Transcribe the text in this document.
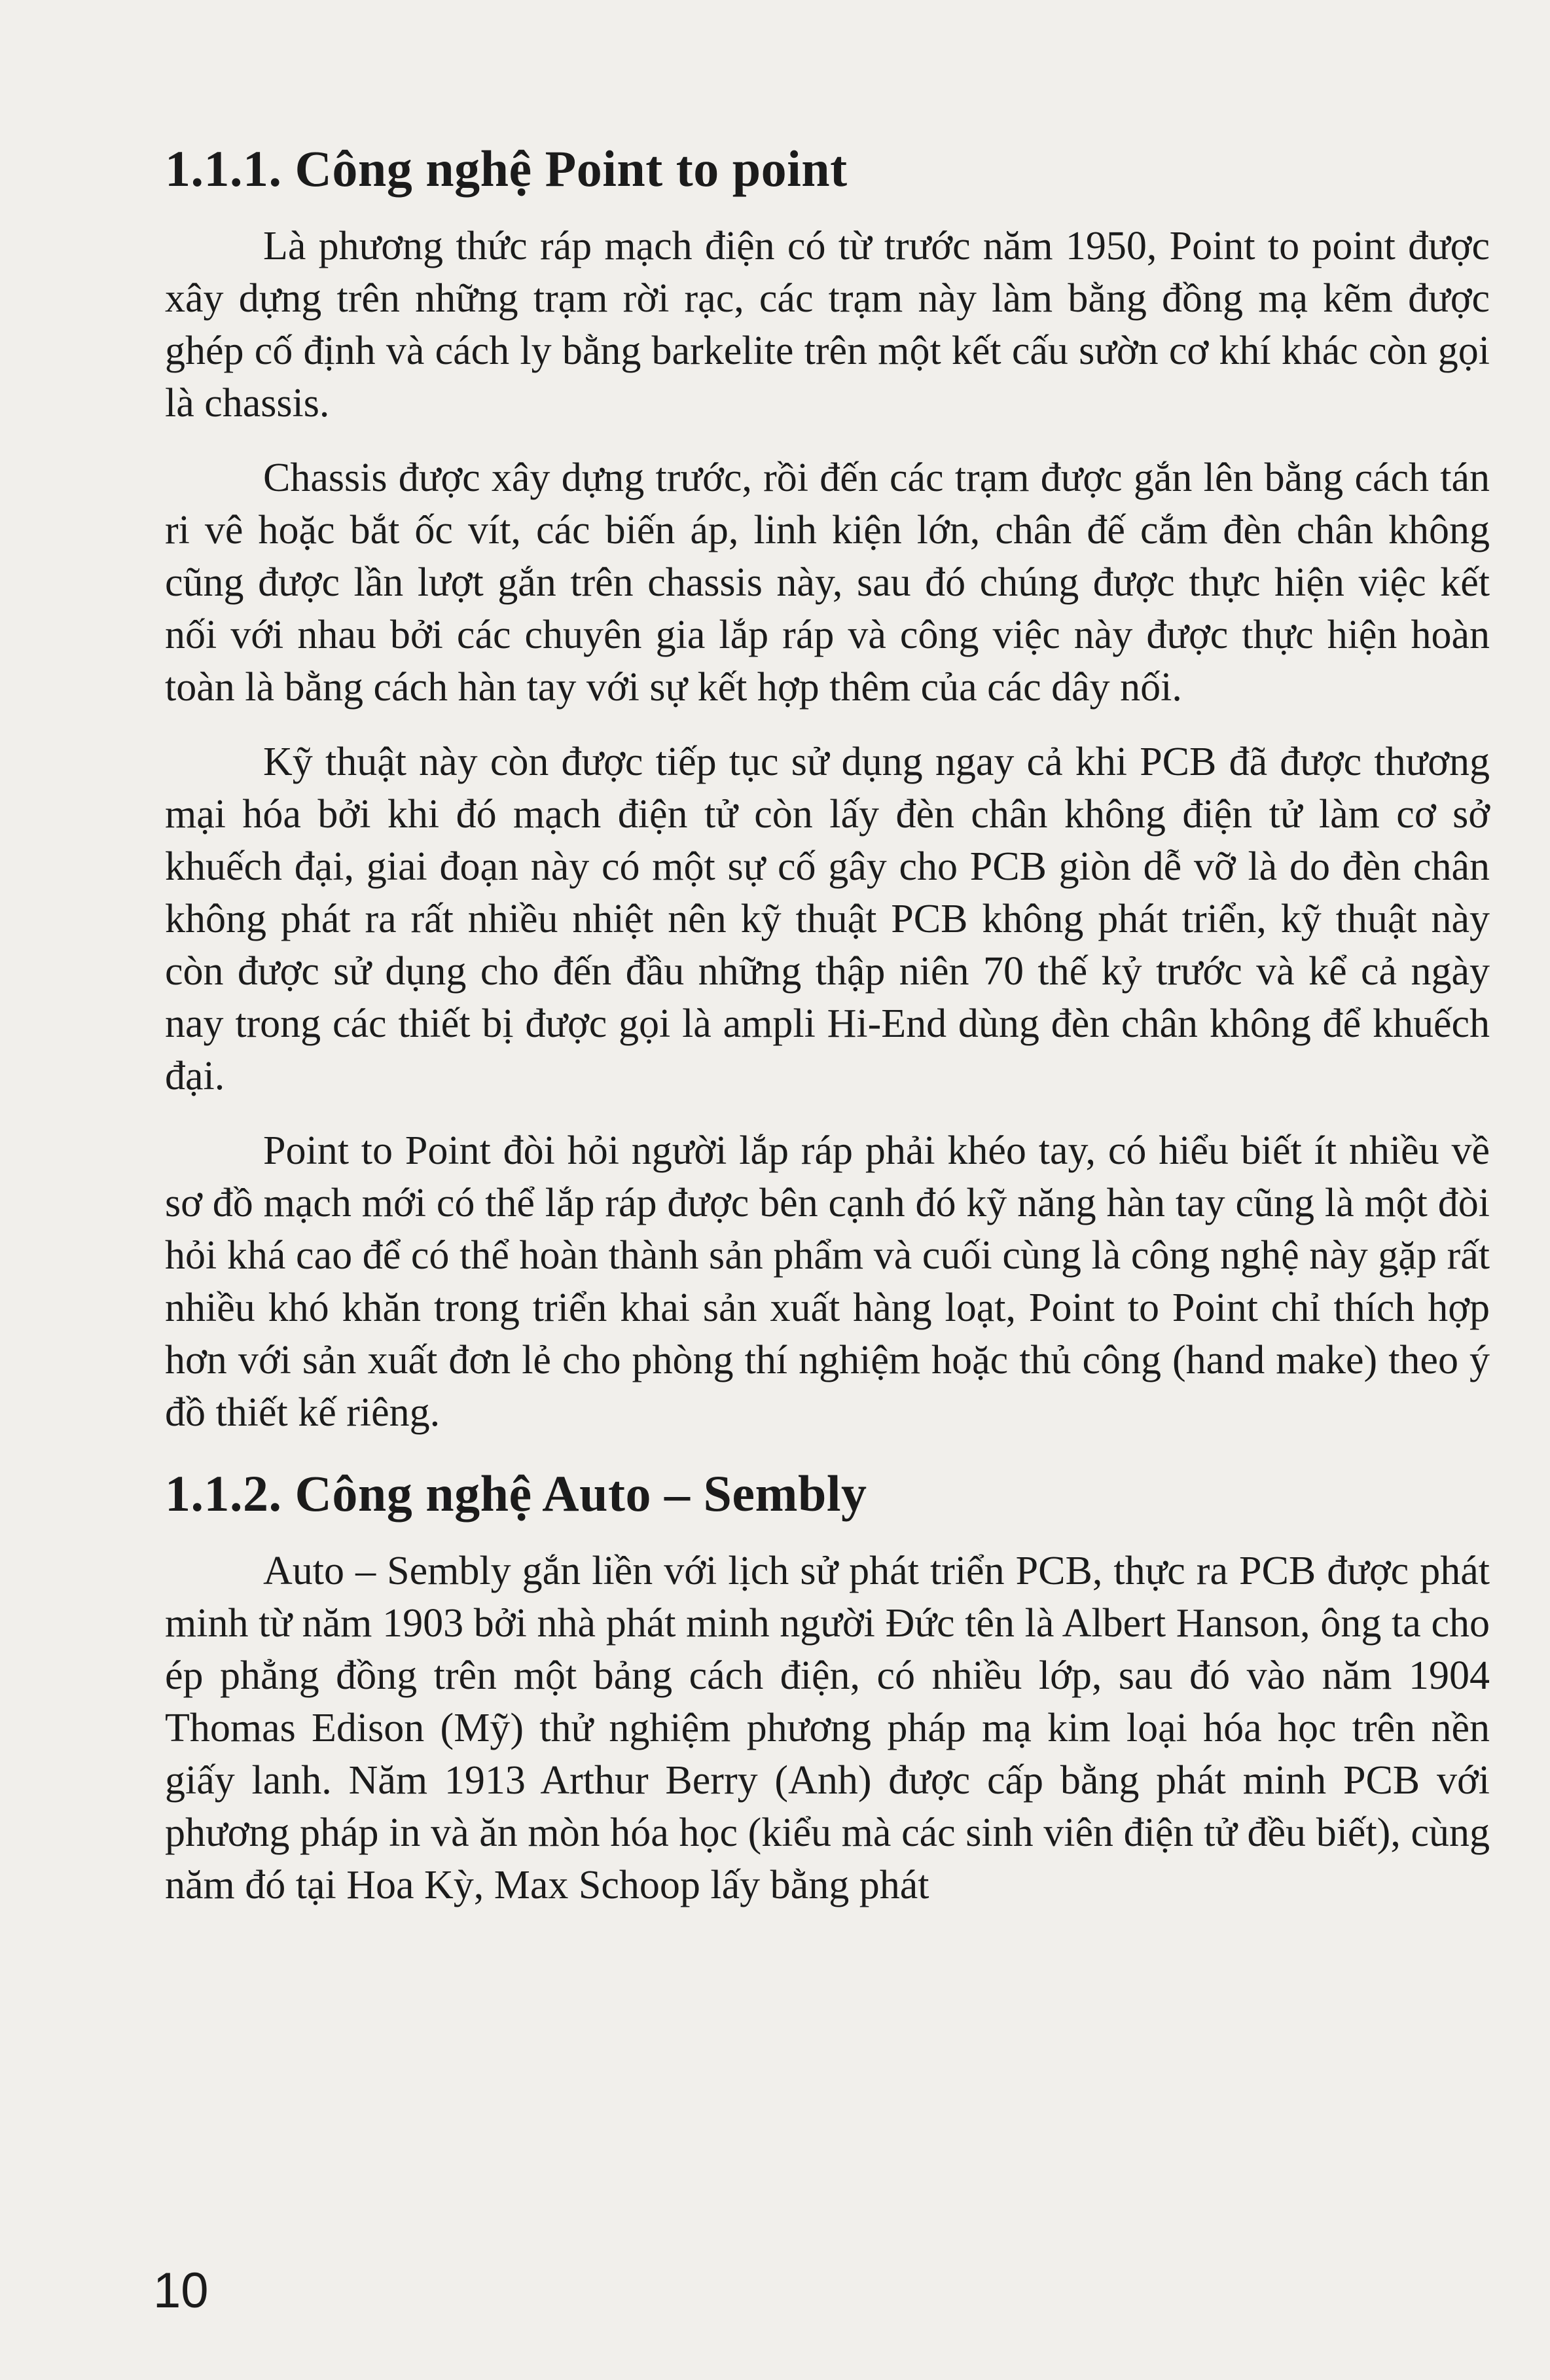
1.1.1. Công nghệ Point to point

Là phương thức ráp mạch điện có từ trước năm 1950, Point to point được xây dựng trên những trạm rời rạc, các trạm này làm bằng đồng mạ kẽm được ghép cố định và cách ly bằng barkelite trên một kết cấu sườn cơ khí khác còn gọi là chassis.

Chassis được xây dựng trước, rồi đến các trạm được gắn lên bằng cách tán ri vê hoặc bắt ốc vít, các biến áp, linh kiện lớn, chân đế cắm đèn chân không cũng được lần lượt gắn trên chassis này, sau đó chúng được thực hiện việc kết nối với nhau bởi các chuyên gia lắp ráp và công việc này được thực hiện hoàn toàn là bằng cách hàn tay với sự kết hợp thêm của các dây nối.

Kỹ thuật này còn được tiếp tục sử dụng ngay cả khi PCB đã được thương mại hóa bởi khi đó mạch điện tử còn lấy đèn chân không điện tử làm cơ sở khuếch đại, giai đoạn này có một sự cố gây cho PCB giòn dễ vỡ là do đèn chân không phát ra rất nhiều nhiệt nên kỹ thuật PCB không phát triển, kỹ thuật này còn được sử dụng cho đến đầu những thập niên 70 thế kỷ trước và kể cả ngày nay trong các thiết bị được gọi là ampli Hi-End dùng đèn chân không để khuếch đại.

Point to Point đòi hỏi người lắp ráp phải khéo tay, có hiểu biết ít nhiều về sơ đồ mạch mới có thể lắp ráp được bên cạnh đó kỹ năng hàn tay cũng là một đòi hỏi khá cao để có thể hoàn thành sản phẩm và cuối cùng là công nghệ này gặp rất nhiều khó khăn trong triển khai sản xuất hàng loạt, Point to Point chỉ thích hợp hơn với sản xuất đơn lẻ cho phòng thí nghiệm hoặc thủ công (hand make) theo ý đồ thiết kế riêng.

1.1.2. Công nghệ Auto – Sembly

Auto – Sembly gắn liền với lịch sử phát triển PCB, thực ra PCB được phát minh từ năm 1903 bởi nhà phát minh người Đức tên là Albert Hanson, ông ta cho ép phẳng đồng trên một bảng cách điện, có nhiều lớp, sau đó vào năm 1904 Thomas Edison (Mỹ) thử nghiệm phương pháp mạ kim loại hóa học trên nền giấy lanh. Năm 1913 Arthur Berry (Anh) được cấp bằng phát minh PCB với phương pháp in và ăn mòn hóa học (kiểu mà các sinh viên điện tử đều biết), cùng năm đó tại Hoa Kỳ, Max Schoop lấy bằng phát

10
